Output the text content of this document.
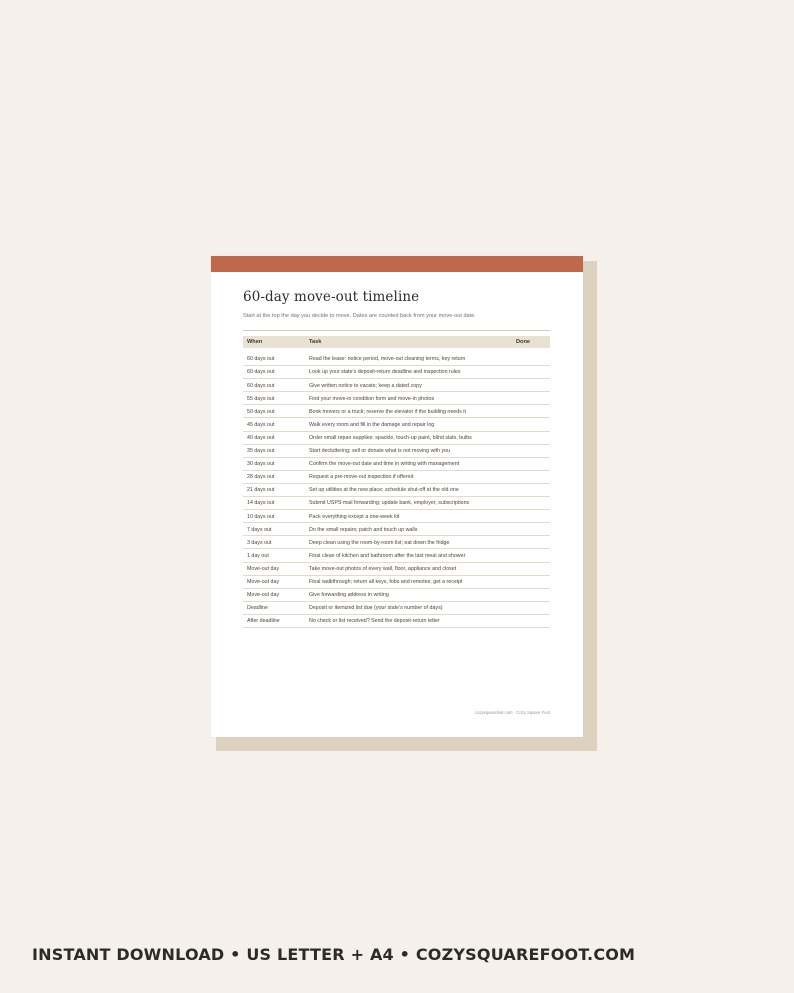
60-day move-out timeline

Start at the top the day you decide to move. Dates are counted back from your move-out date.

When	Task	Done
60 days out	Read the lease: notice period, move-out cleaning terms, key return
60 days out	Look up your state's deposit-return deadline and inspection rules
60 days out	Give written notice to vacate; keep a dated copy
55 days out	Find your move-in condition form and move-in photos
50 days out	Book movers or a truck; reserve the elevator if the building needs it
45 days out	Walk every room and fill in the damage and repair log
40 days out	Order small repair supplies: spackle, touch-up paint, blind slats, bulbs
35 days out	Start decluttering; sell or donate what is not moving with you
30 days out	Confirm the move-out date and time in writing with management
28 days out	Request a pre-move-out inspection if offered
21 days out	Set up utilities at the new place; schedule shut-off at the old one
14 days out	Submit USPS mail forwarding; update bank, employer, subscriptions
10 days out	Pack everything except a one-week kit
7 days out	Do the small repairs; patch and touch up walls
3 days out	Deep clean using the room-by-room list; eat down the fridge
1 day out	Final clean of kitchen and bathroom after the last meal and shower
Move-out day	Take move-out photos of every wall, floor, appliance and closet
Move-out day	Final walkthrough; return all keys, fobs and remotes; get a receipt
Move-out day	Give forwarding address in writing
Deadline	Deposit or itemized list due (your state's number of days)
After deadline	No check or list received? Send the deposit-return letter
cozysquarefoot.com · Cozy Square Foot
INSTANT DOWNLOAD • US LETTER + A4 • COZYSQUAREFOOT.COM
